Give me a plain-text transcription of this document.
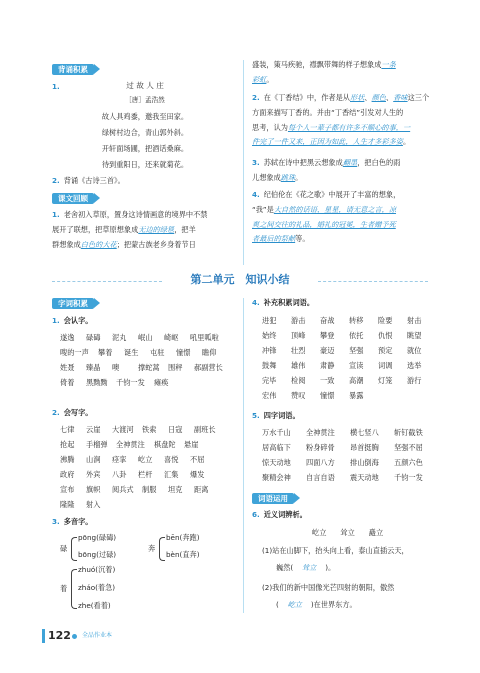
背诵积累
1.	过 故 人 庄
［唐］孟浩然
故人具鸡黍，邀我至田家。
绿树村边合，青山郭外斜。
开轩面场圃，把酒话桑麻。
待到重阳日，还来就菊花。
2. 背诵《古诗三首》。
课文回顾
1. 老舍初入草原，置身这诗情画意的境界中不禁
展开了联想，把草原想象成无边的绿毯，把羊
群想象成白色的大花；把蒙古族老乡身着节日
盛装，策马疾驰，襟飘带舞的样子想象成一条
彩虹。
2. 在《丁香结》中，作者是从形状、颜色、香味这三个
方面来描写丁香的。并由“丁香结”引发对人生的
思考，认为每个人一辈子都有许多不顺心的事，一
件完了一件又来，正因为如此，人生才多彩多姿。
3. 苏轼在诗中把黑云想象成翻墨，把白色的雨
儿想象成跳珠。
4. 纪伯伦在《花之歌》中展开了丰富的想象，
“我”是大自然的话语，星星，请无意之言，凉
爽之间交往的礼品，婚礼的冠冕，生者赠予死
者最后的祭献等。
第二单元　知识小结
字词积累
1. 会认字。
遂逸	碌碡	泥丸	岷山	崎岖	吼里呱啦
嗖的一声	攀着	诞生	屯驻	憧憬	瞻仰
姓聂	臻晶	噢	撑蛇蒿	围秤	郝副营长
倚着	黑黝黝	千钧一发	瘫痪
2. 会写字。
七律	云崖	大渡河	铁索	日寇	副班长
抢起	手榴弹	全神贯注	棋盘陀	悬崖
沸腾	山涧	痉挛	屹立	喜悦	不屈
政府	外宾	八卦	栏杆	汇集	爆发
宣布	旗帜	阅兵式	制服	坦克	距离
隆隆	射入
3. 多音字。
碌
pōng(碌碡)
bōng(过碌)
奔
bēn(奔跑)
bèn(直奔)
着
zhuó(沉着)
zháo(着急)
zhe(看着)
4. 补充积累词语。
进犯	游击	奋战	转移	险要	射击
始终	顶峰	攀登	依托	仇恨	眺望
冲锋	壮烈	豪迈	坚强	预定	就位
鼓舞	雄伟	肃静	宣读	词调	选举
完毕	检阅	一致	高潮	灯笼	游行
宏伟	赞叹	憧憬	暴露
5. 四字词语。
万水千山	全神贯注	横七竖八	斩钉截铁
居高临下	粉身碎骨	昂首挺胸	坚强不屈
惊天动地	四面八方	排山倒海	五颜六色
聚精会神	自言自语	震天动地	千钧一发
词语运用
6. 近义词辨析。
屹立 耸立 矗立
(1)站在山脚下，抬头向上看，泰山直插云天，
巍然( 耸立 )。
(2)我们的新中国像光芒四射的朝阳，傲然
( 屹立 )在世界东方。
122 全品作业本
